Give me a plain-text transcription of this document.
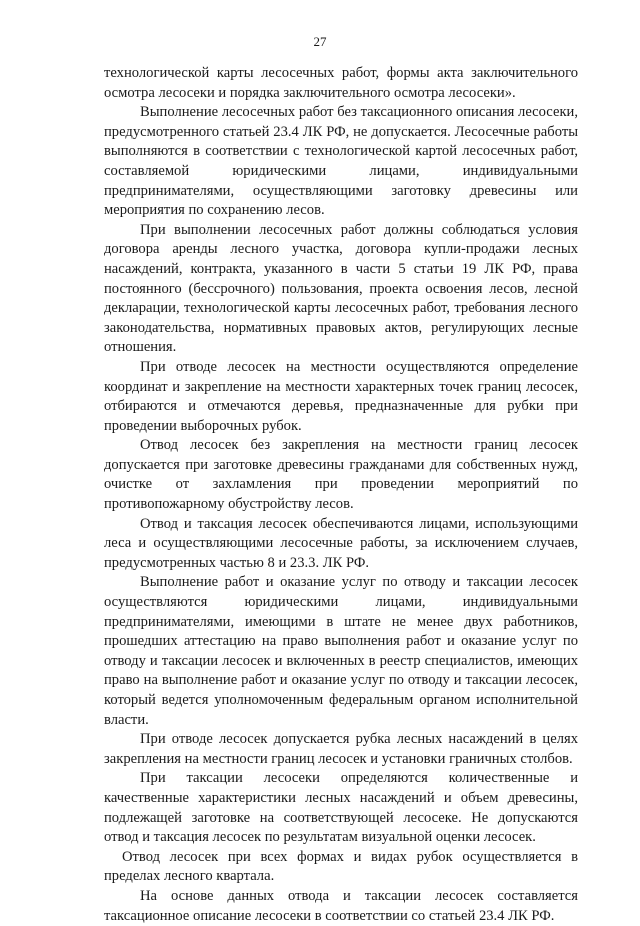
27

технологической карты лесосечных работ, формы акта заключительного осмотра лесосеки и порядка заключительного осмотра лесосеки».

Выполнение лесосечных работ без таксационного описания лесосеки, предусмотренного статьей 23.4 ЛК РФ, не допускается. Лесосечные работы выполняются в соответствии с технологической картой лесосечных работ, составляемой юридическими лицами, индивидуальными предпринимателями, осуществляющими заготовку древесины или мероприятия по сохранению лесов.

При выполнении лесосечных работ должны соблюдаться условия договора аренды лесного участка, договора купли-продажи лесных насаждений, контракта, указанного в части 5 статьи 19 ЛК РФ, права постоянного (бессрочного) пользования, проекта освоения лесов, лесной декларации, технологической карты лесосечных работ, требования лесного законодательства, нормативных правовых актов, регулирующих лесные отношения.

При отводе лесосек на местности осуществляются определение координат и закрепление на местности характерных точек границ лесосек, отбираются и отмечаются деревья, предназначенные для рубки при проведении выборочных рубок.

Отвод лесосек без закрепления на местности границ лесосек допускается при заготовке древесины гражданами для собственных нужд, очистке от захламления при проведении мероприятий по противопожарному обустройству лесов.

Отвод и таксация лесосек обеспечиваются лицами, использующими леса и осуществляющими лесосечные работы, за исключением случаев, предусмотренных частью 8 и 23.3. ЛК РФ.

Выполнение работ и оказание услуг по отводу и таксации лесосек осуществляются юридическими лицами, индивидуальными предпринимателями, имеющими в штате не менее двух работников, прошедших аттестацию на право выполнения работ и оказание услуг по отводу и таксации лесосек и включенных в реестр специалистов, имеющих право на выполнение работ и оказание услуг по отводу и таксации лесосек, который ведется уполномоченным федеральным органом исполнительной власти.

При отводе лесосек допускается рубка лесных насаждений в целях закрепления на местности границ лесосек и установки граничных столбов.

При таксации лесосеки определяются количественные и качественные характеристики лесных насаждений и объем древесины, подлежащей заготовке на соответствующей лесосеке. Не допускаются отвод и таксация лесосек по результатам визуальной оценки лесосек.

Отвод лесосек при всех формах и видах рубок осуществляется в пределах лесного квартала.

На основе данных отвода и таксации лесосек составляется таксационное описание лесосеки в соответствии со статьей 23.4 ЛК РФ.
